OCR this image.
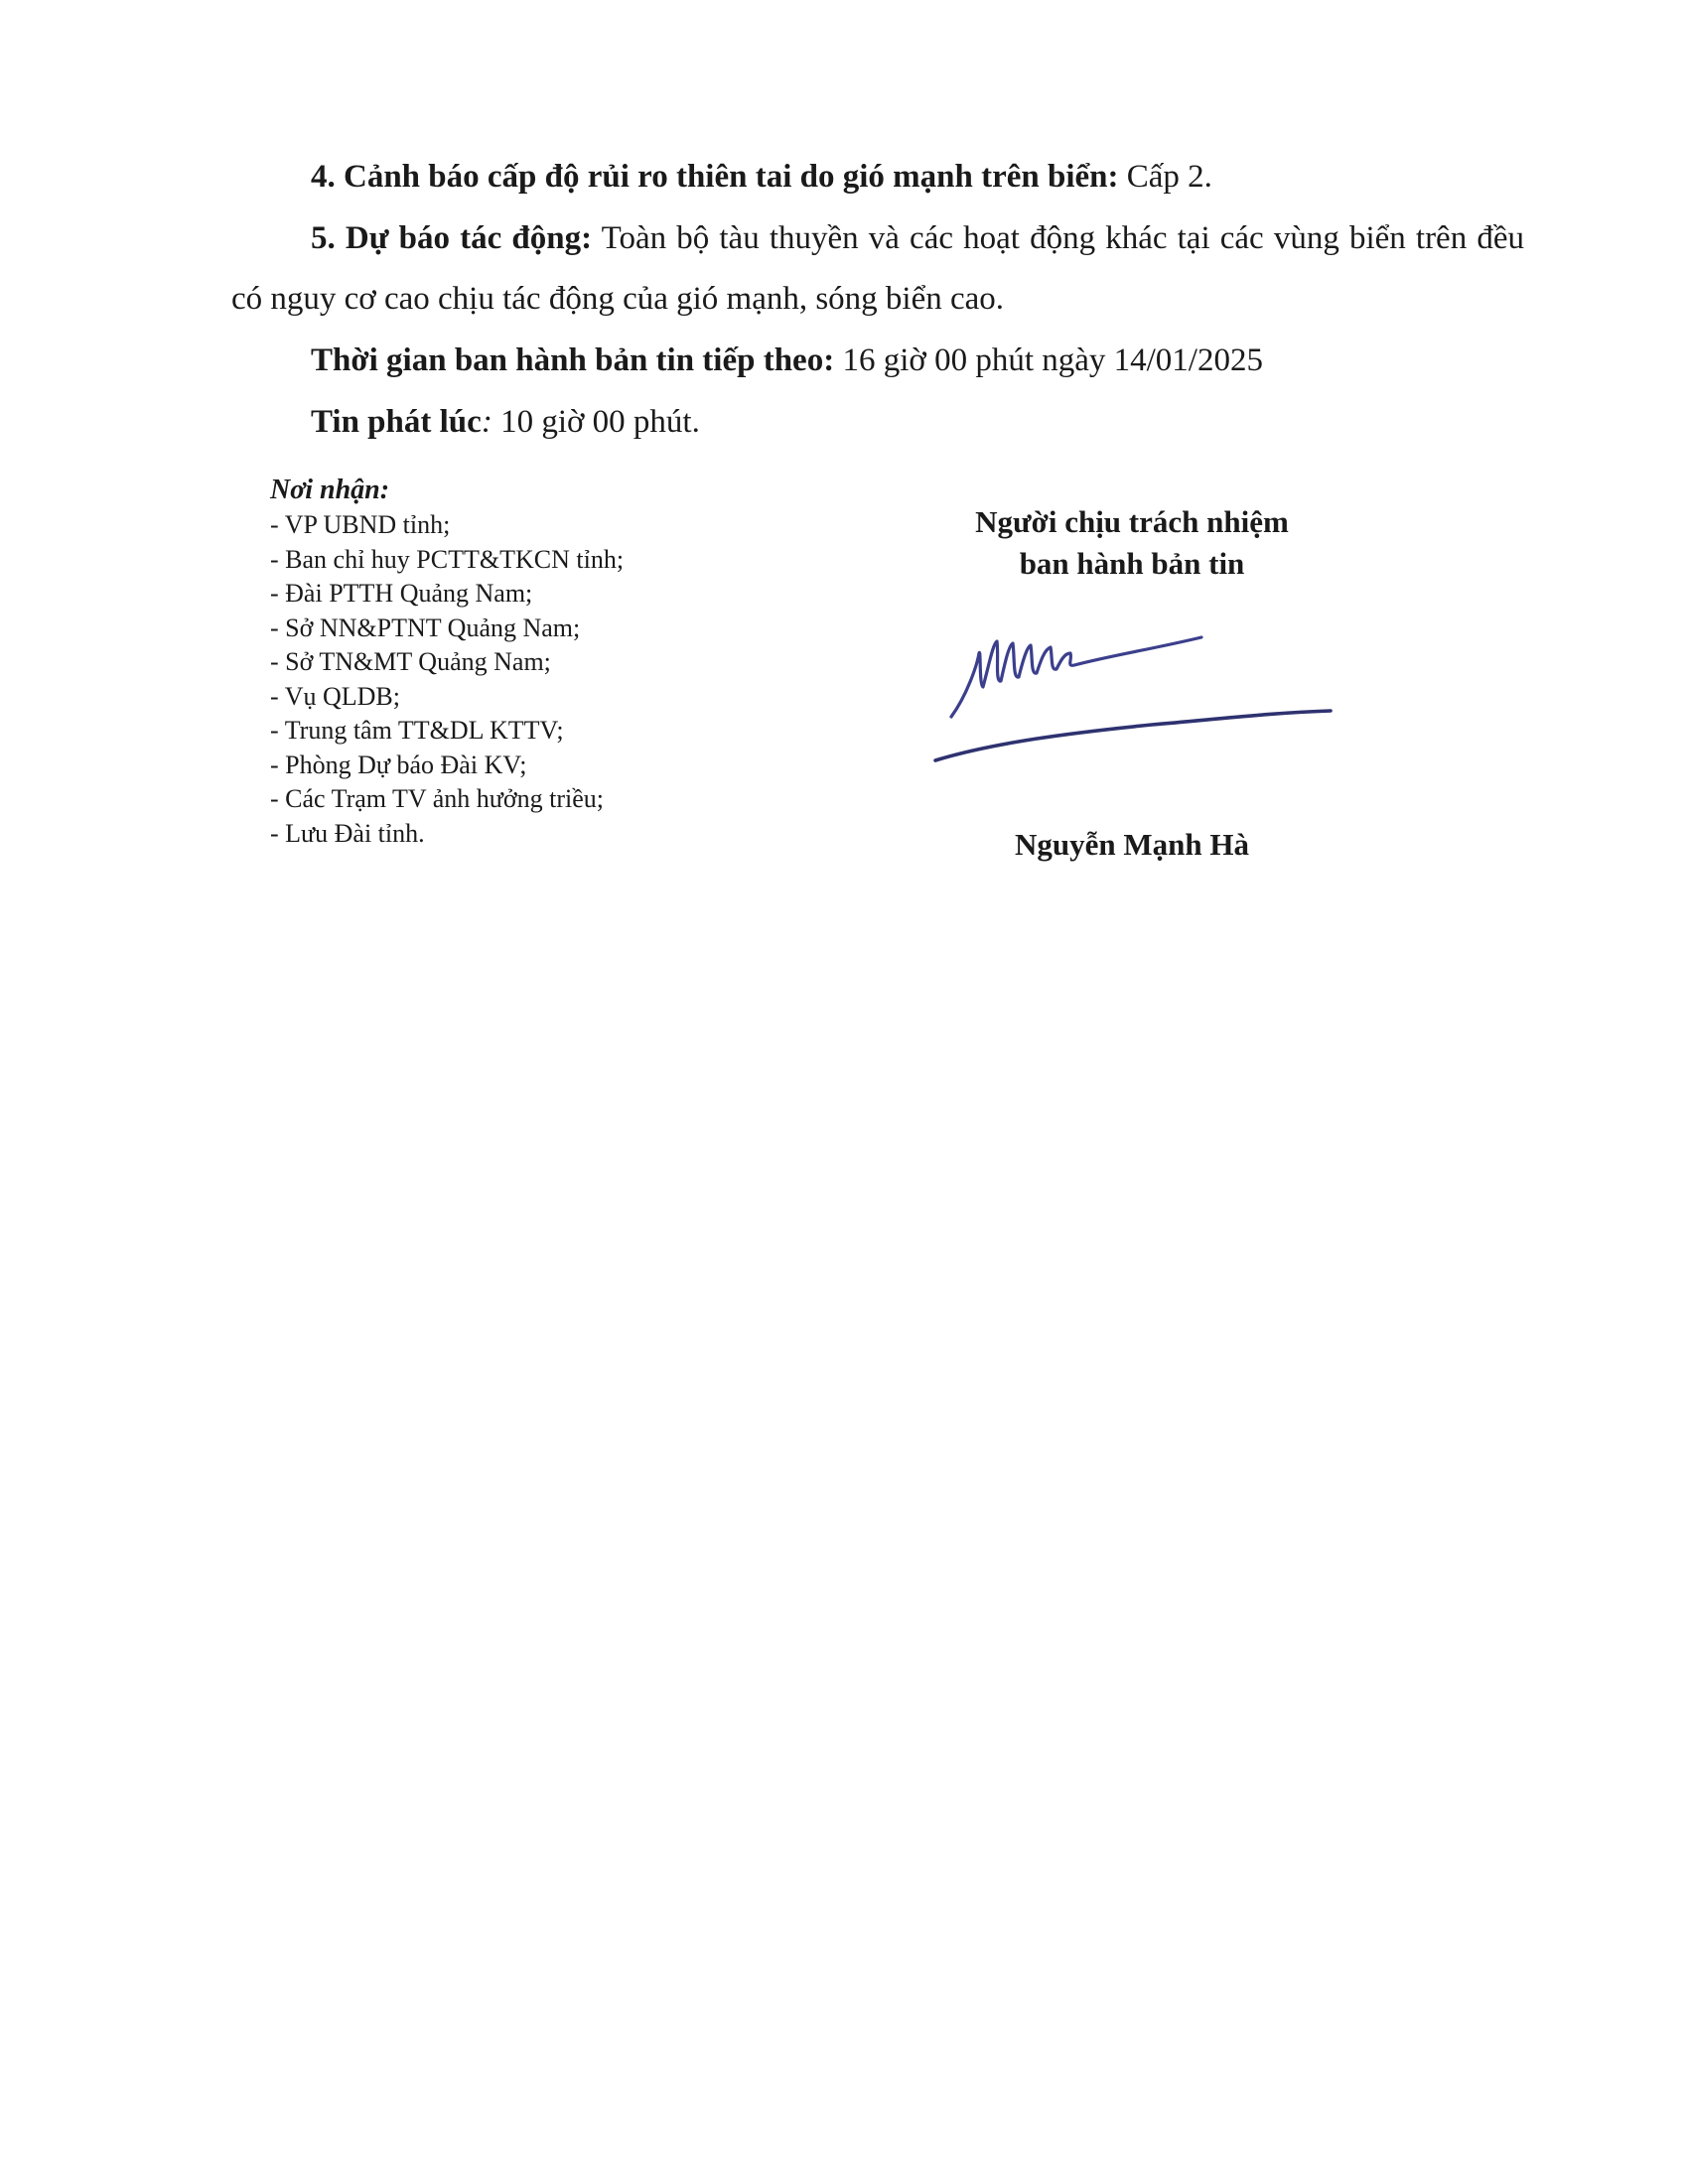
4. Cảnh báo cấp độ rủi ro thiên tai do gió mạnh trên biển: Cấp 2.

5. Dự báo tác động: Toàn bộ tàu thuyền và các hoạt động khác tại các vùng biển trên đều có nguy cơ cao chịu tác động của gió mạnh, sóng biển cao.

Thời gian ban hành bản tin tiếp theo: 16 giờ 00 phút ngày 14/01/2025

Tin phát lúc: 10 giờ 00 phút.

Nơi nhận:
- VP UBND tỉnh;
- Ban chỉ huy PCTT&TKCN tỉnh;
- Đài PTTH Quảng Nam;
- Sở NN&PTNT Quảng Nam;
- Sở TN&MT Quảng Nam;
- Vụ QLDB;
- Trung tâm TT&DL KTTV;
- Phòng Dự báo Đài KV;
- Các Trạm TV ảnh hưởng triều;
- Lưu Đài tỉnh.
Người chịu trách nhiệm
ban hành bản tin
Nguyễn Mạnh Hà
